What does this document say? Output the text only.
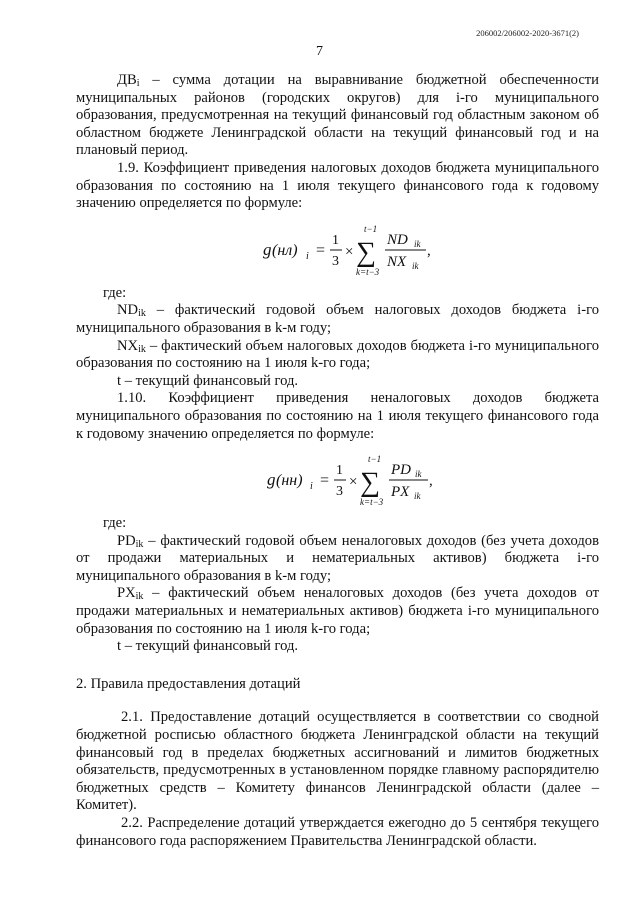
206002/206002-2020-3671(2)
7

$ДВ_i$ – сумма дотации на выравнивание бюджетной обеспеченности муниципальных районов (городских округов) для i-го муниципального образования, предусмотренная на текущий финансовый год областным законом об областном бюджете Ленинградской области на текущий финансовый год и на плановый период.

1.9. Коэффициент приведения налоговых доходов бюджета муниципального образования по состоянию на 1 июля текущего финансового года к годовому значению определяется по формуле:

g (нл) i =
1
3
×
t−1
∑
k=t−3
ND ik
NX ik
,

где:

$ND_{ik}$ – фактический годовой объем налоговых доходов бюджета i-го муниципального образования в k-м году;

$NX_{ik}$ – фактический объем налоговых доходов бюджета i-го муниципального образования по состоянию на 1 июля k-го года;

t – текущий финансовый год.

1.10. Коэффициент приведения неналоговых доходов бюджета муниципального образования по состоянию на 1 июля текущего финансового года к годовому значению определяется по формуле:

g (нн) i =
1
3
×
t−1
∑
k=t−3
PD ik
PX ik
,

где:

$PD_{ik}$ – фактический годовой объем неналоговых доходов (без учета доходов от продажи материальных и нематериальных активов) бюджета i-го муниципального образования в k-м году;

$PX_{ik}$ – фактический объем неналоговых доходов (без учета доходов от продажи материальных и нематериальных активов) бюджета i-го муниципального образования по состоянию на 1 июля k-го года;

t – текущий финансовый год.

2. Правила предоставления дотаций

2.1. Предоставление дотаций осуществляется в соответствии со сводной бюджетной росписью областного бюджета Ленинградской области на текущий финансовый год в пределах бюджетных ассигнований и лимитов бюджетных обязательств, предусмотренных в установленном порядке главному распорядителю бюджетных средств – Комитету финансов Ленинградской области (далее – Комитет).

2.2. Распределение дотаций утверждается ежегодно до 5 сентября текущего финансового года распоряжением Правительства Ленинградской области.
